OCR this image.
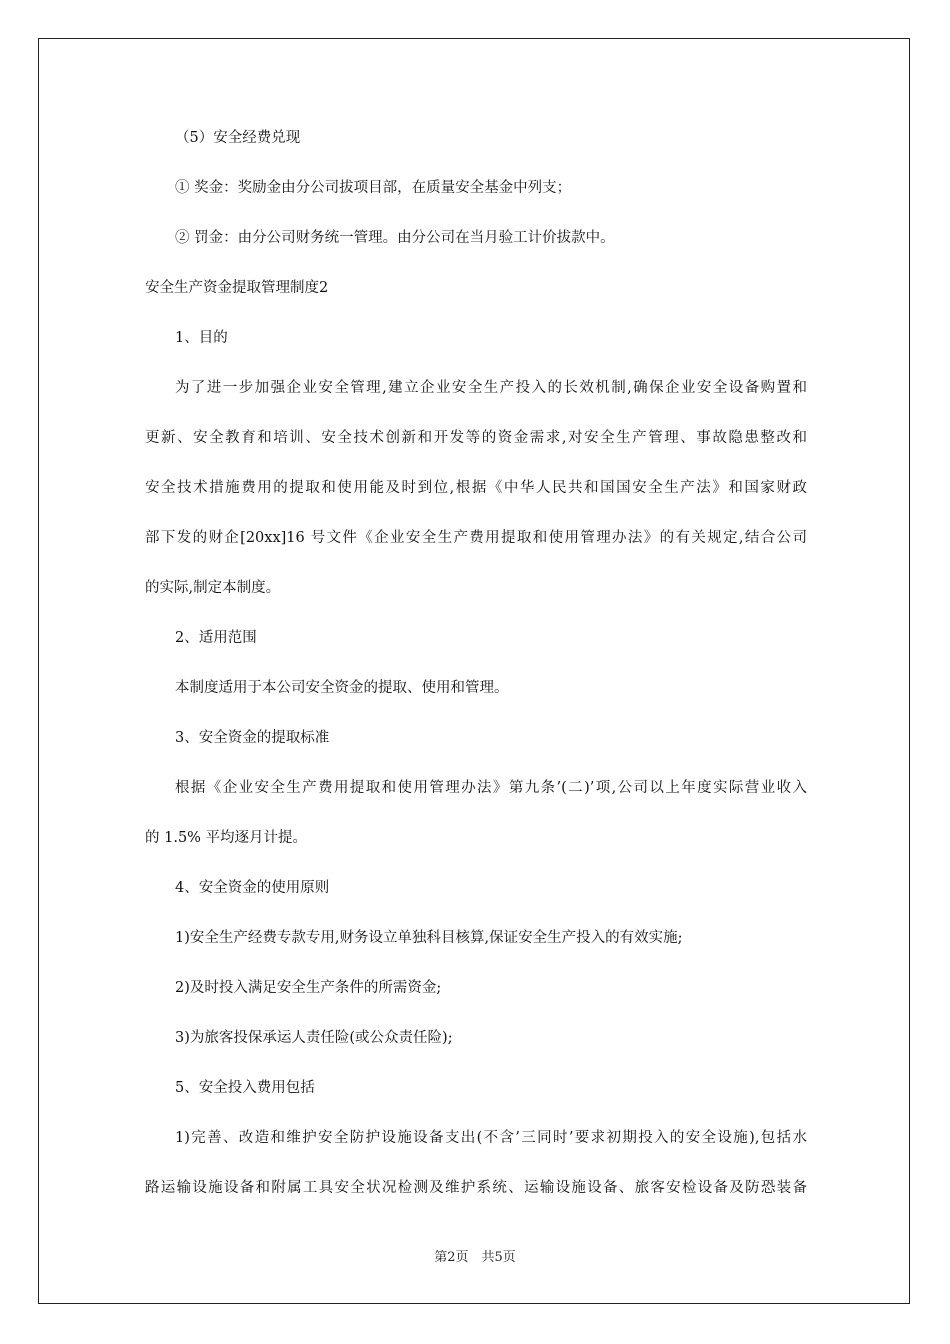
（5）安全经费兑现
① 奖金：奖励金由分公司拔项目部，在质量安全基金中列支；
② 罚金：由分公司财务统一管理。由分公司在当月验工计价拔款中。
安全生产资金提取管理制度2
1、目的
为了进一步加强企业安全管理,建立企业安全生产投入的长效机制,确保企业安全设备购置和
更新、安全教育和培训、安全技术创新和开发等的资金需求,对安全生产管理、事故隐患整改和
安全技术措施费用的提取和使用能及时到位,根据《中华人民共和国国安全生产法》和国家财政
部下发的财企[20xx]16 号文件《企业安全生产费用提取和使用管理办法》的有关规定,结合公司
的实际,制定本制度。
2、适用范围
本制度适用于本公司安全资金的提取、使用和管理。
3、安全资金的提取标准
根据《企业安全生产费用提取和使用管理办法》第九条’(二)’项,公司以上年度实际营业收入
的 1.5% 平均逐月计提。
4、安全资金的使用原则
1)安全生产经费专款专用,财务设立单独科目核算,保证安全生产投入的有效实施;
2)及时投入满足安全生产条件的所需资金;
3)为旅客投保承运人责任险(或公众责任险);
5、安全投入费用包括
1)完善、改造和维护安全防护设施设备支出(不含’三同时’要求初期投入的安全设施),包括水
路运输设施设备和附属工具安全状况检测及维护系统、运输设施设备、旅客安检设备及防恐装备
第2页　共5页
